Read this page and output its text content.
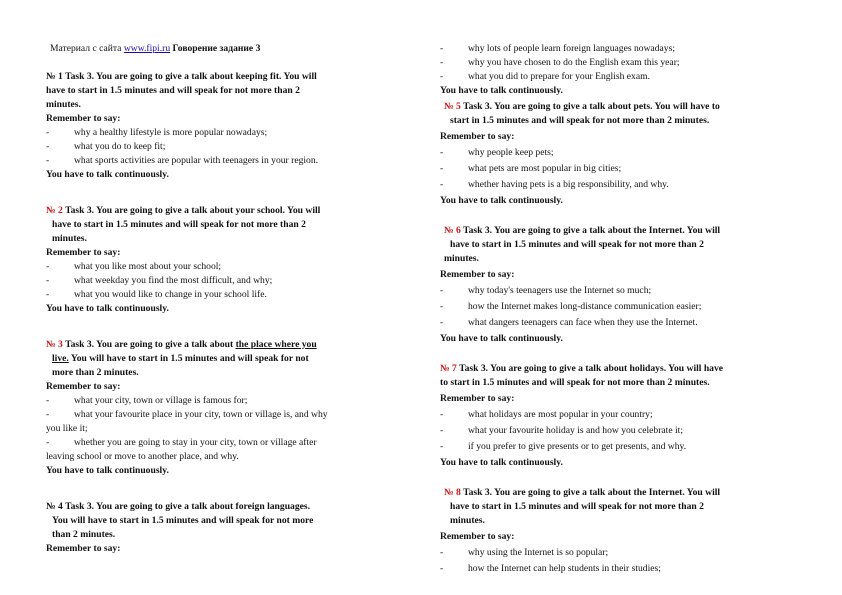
Материал с сайта www.fipi.ru Говорение задание 3
№ 1 Task 3. You are going to give a talk about keeping fit. You will
have to start in 1.5 minutes and will speak for not more than 2
minutes.
Remember to say:
-	why a healthy lifestyle is more popular nowadays;
-	what you do to keep fit;
-	what sports activities are popular with teenagers in your region.
You have to talk continuously.
№ 2 Task 3. You are going to give a talk about your school. You will
have to start in 1.5 minutes and will speak for not more than 2
minutes.
Remember to say:
-	what you like most about your school;
-	what weekday you find the most difficult, and why;
-	what you would like to change in your school life.
You have to talk continuously.
№ 3 Task 3. You are going to give a talk about the place where you
live. You will have to start in 1.5 minutes and will speak for not
more than 2 minutes.
Remember to say:
-	what your city, town or village is famous for;
-	what your favourite place in your city, town or village is, and why
you like it;
-	whether you are going to stay in your city, town or village after
leaving school or move to another place, and why.
You have to talk continuously.
№ 4 Task 3. You are going to give a talk about foreign languages.
You will have to start in 1.5 minutes and will speak for not more
than 2 minutes.
Remember to say:
-	why lots of people learn foreign languages nowadays;
-	why you have chosen to do the English exam this year;
-	what you did to prepare for your English exam.
You have to talk continuously.
№ 5 Task 3. You are going to give a talk about pets. You will have to
start in 1.5 minutes and will speak for not more than 2 minutes.
Remember to say:
-	why people keep pets;
-	what pets are most popular in big cities;
-	whether having pets is a big responsibility, and why.
You have to talk continuously.
№ 6 Task 3. You are going to give a talk about the Internet. You will
have to start in 1.5 minutes and will speak for not more than 2
minutes.
Remember to say:
-	why today's teenagers use the Internet so much;
-	how the Internet makes long-distance communication easier;
-	what dangers teenagers can face when they use the Internet.
You have to talk continuously.
№ 7 Task 3. You are going to give a talk about holidays. You will have
to start in 1.5 minutes and will speak for not more than 2 minutes.
Remember to say:
-	what holidays are most popular in your country;
-	what your favourite holiday is and how you celebrate it;
-	if you prefer to give presents or to get presents, and why.
You have to talk continuously.
№ 8 Task 3. You are going to give a talk about the Internet. You will
have to start in 1.5 minutes and will speak for not more than 2
minutes.
Remember to say:
-	why using the Internet is so popular;
-	how the Internet can help students in their studies;
